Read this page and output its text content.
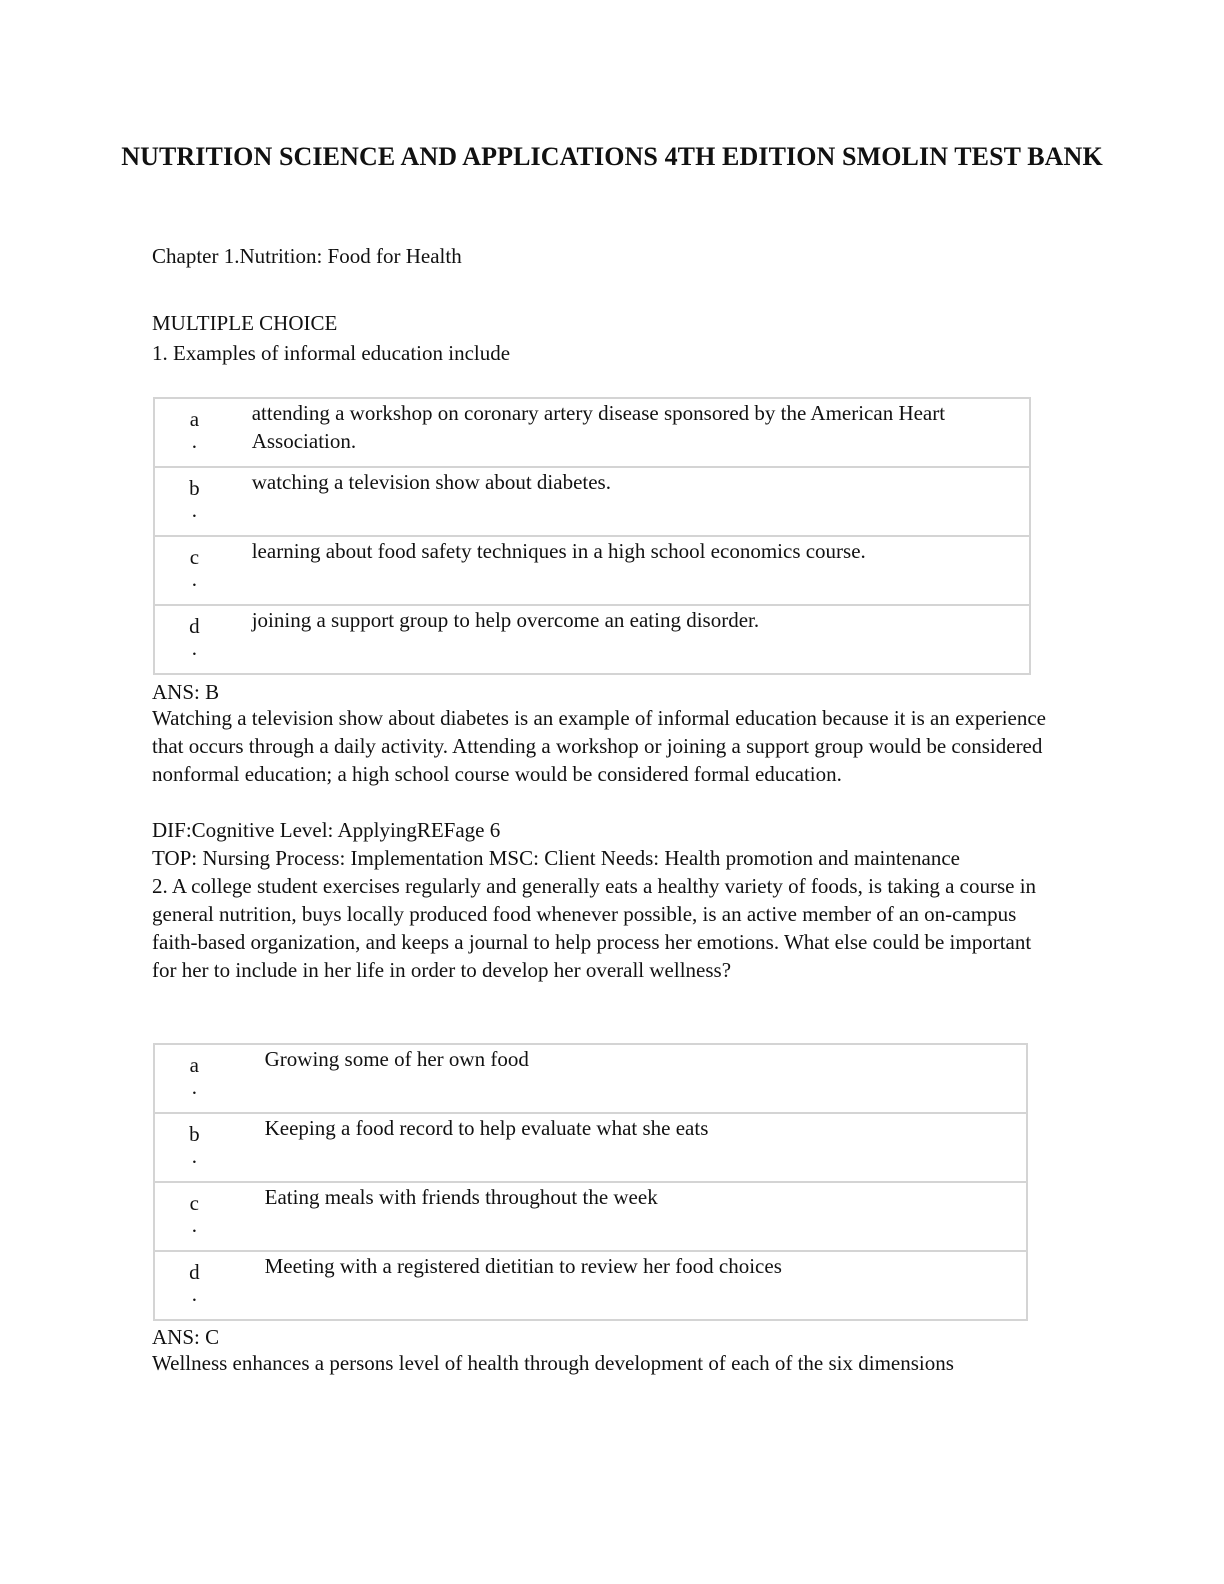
NUTRITION SCIENCE AND APPLICATIONS 4TH EDITION SMOLIN TEST BANK
Chapter 1.Nutrition: Food for Health
MULTIPLE CHOICE
1. Examples of informal education include
a
.	attending a workshop on coronary artery disease sponsored by the American Heart Association.

b
.	watching a television show about diabetes.

c
.	learning about food safety techniques in a high school economics course.

d
.	joining a support group to help overcome an eating disorder.
ANS: B
Watching a television show about diabetes is an example of informal education because it is an experience that occurs through a daily activity. Attending a workshop or joining a support group would be considered nonformal education; a high school course would be considered formal education.
DIF:Cognitive Level: ApplyingREFage 6
TOP: Nursing Process: Implementation MSC: Client Needs: Health promotion and maintenance
2. A college student exercises regularly and generally eats a healthy variety of foods, is taking a course in general nutrition, buys locally produced food whenever possible, is an active member of an on-campus faith-based organization, and keeps a journal to help process her emotions. What else could be important for her to include in her life in order to develop her overall wellness?
a
.	Growing some of her own food

b
.	Keeping a food record to help evaluate what she eats

c
.	Eating meals with friends throughout the week

d
.	Meeting with a registered dietitian to review her food choices
ANS: C
Wellness enhances a persons level of health through development of each of the six dimensions
